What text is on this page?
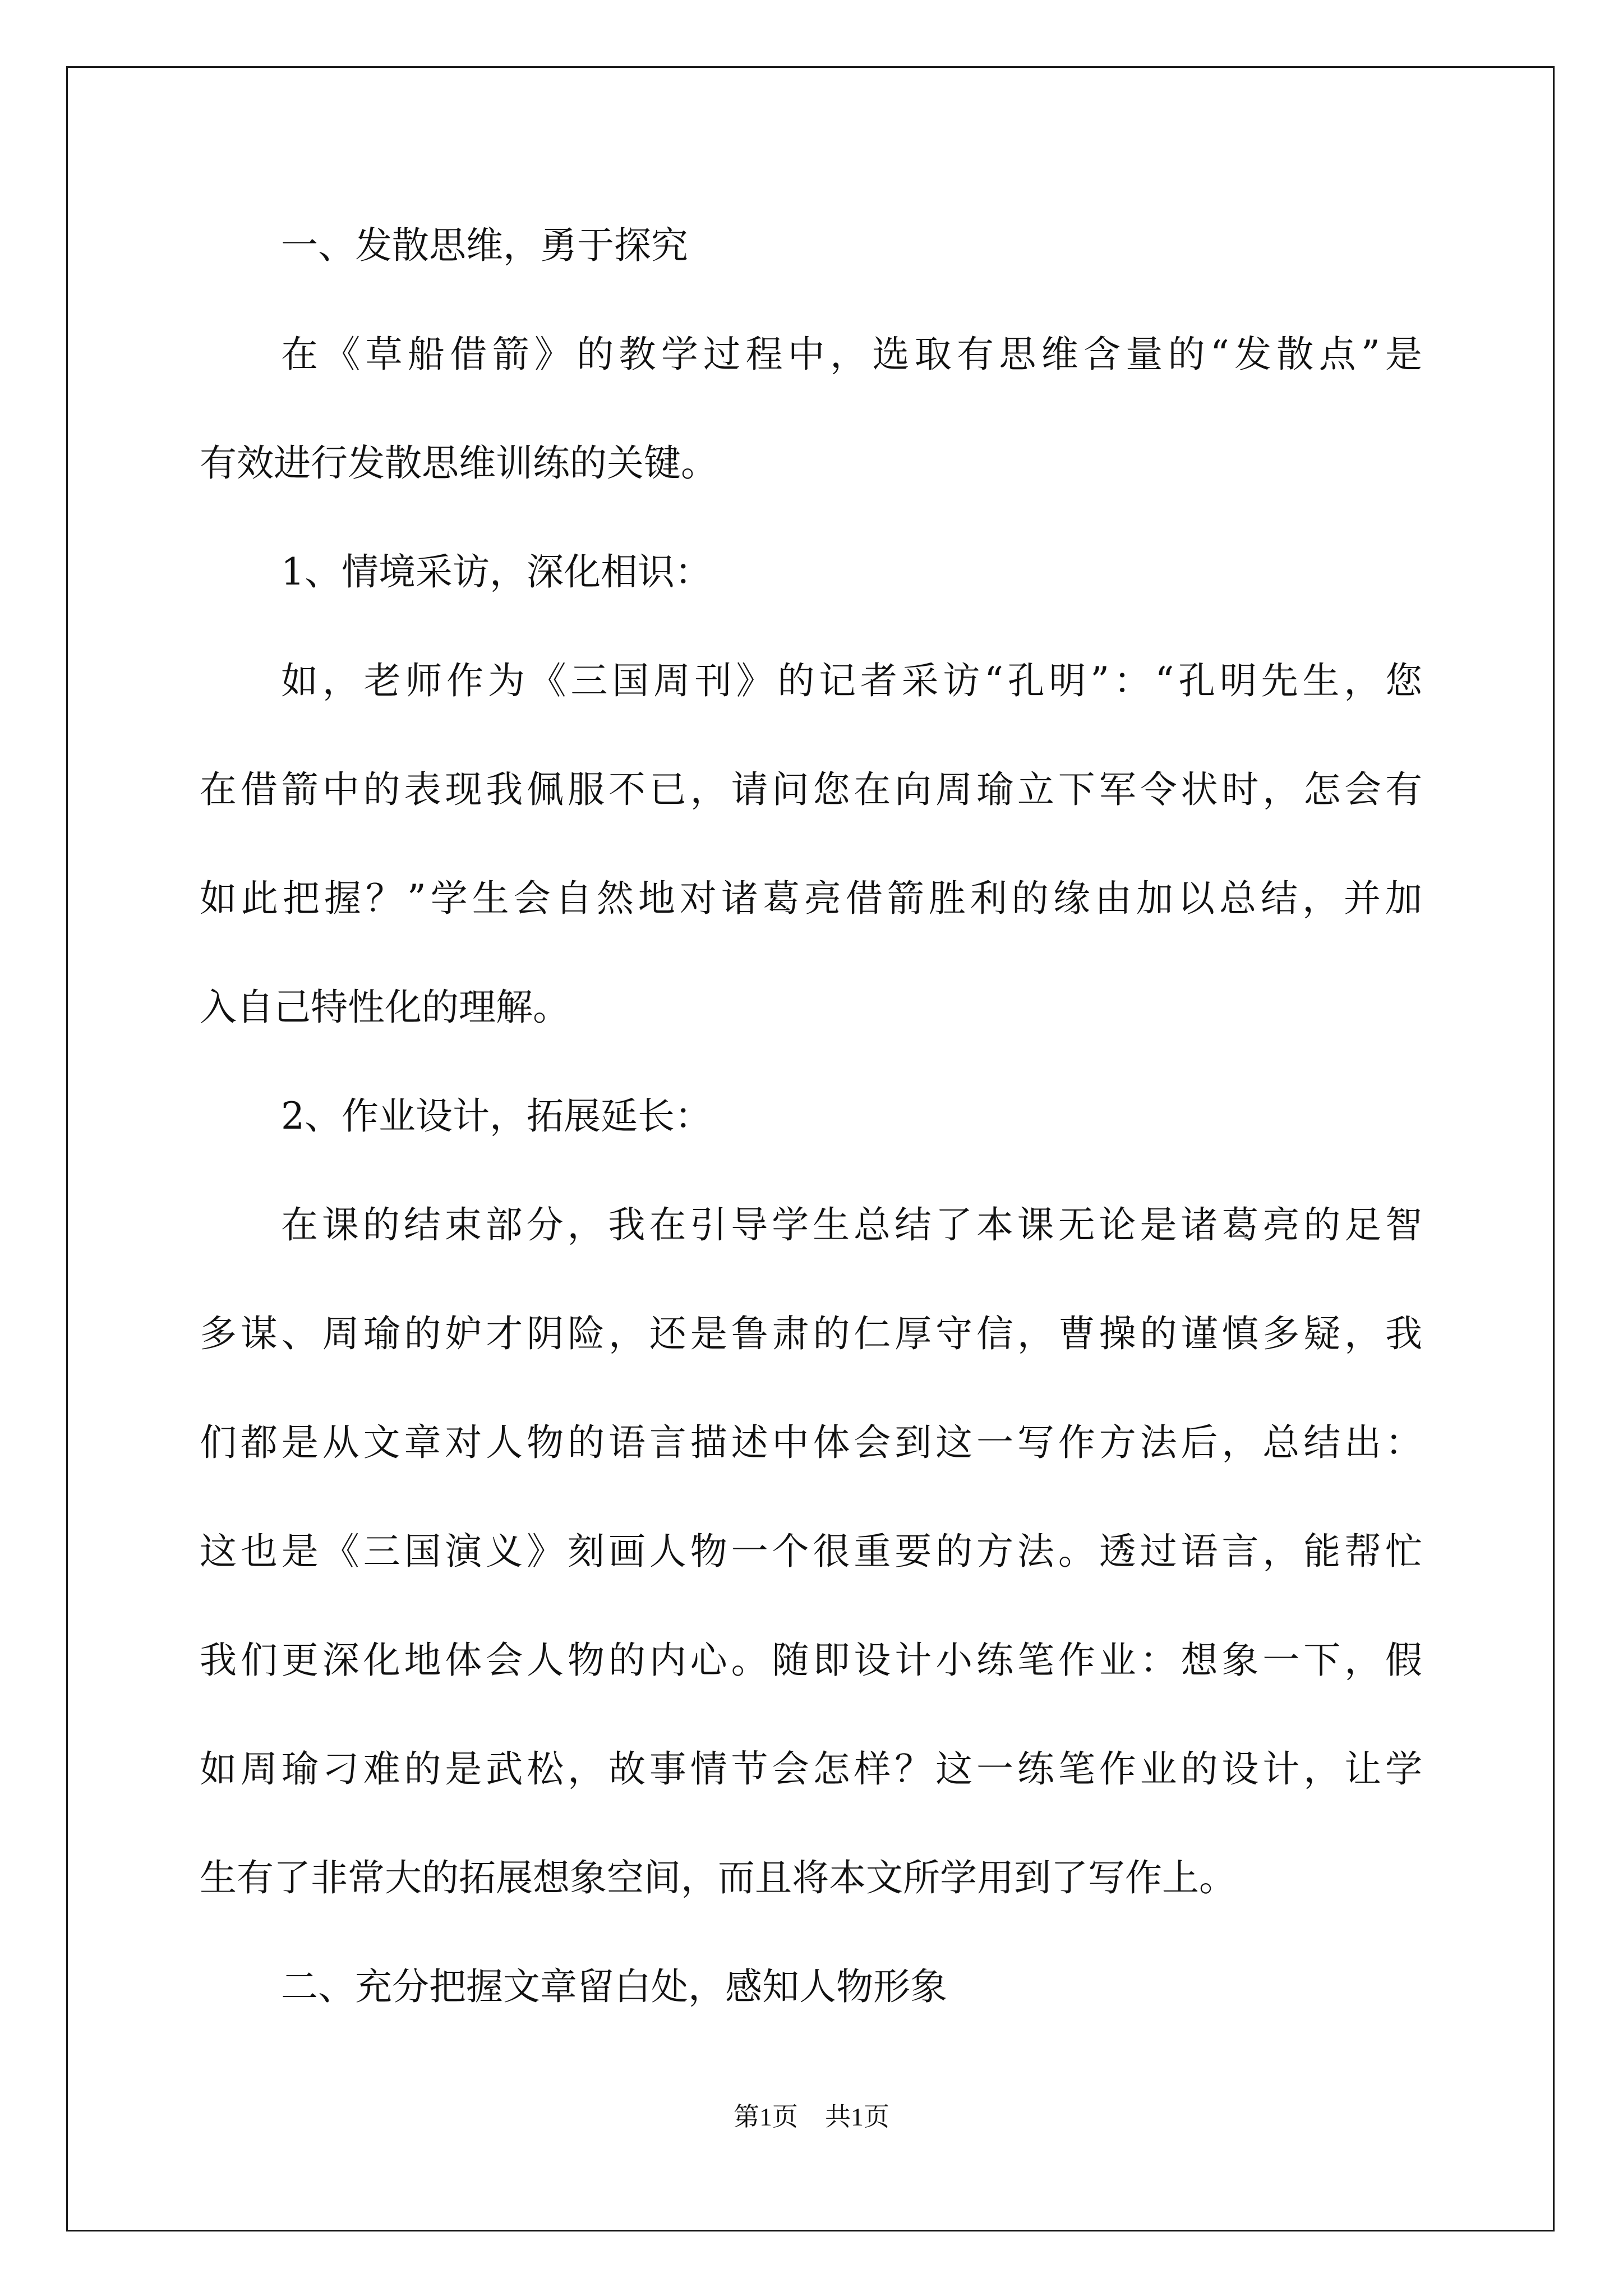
一、发散思维，勇于探究
在《草船借箭》的教学过程中，选取有思维含量的“发散点”是
有效进行发散思维训练的关键。
1、情境采访，深化相识：
如，老师作为《三国周刊》的记者采访“孔明”：“孔明先生，您
在借箭中的表现我佩服不已，请问您在向周瑜立下军令状时，怎会有
如此把握？”学生会自然地对诸葛亮借箭胜利的缘由加以总结，并加
入自己特性化的理解。
2、作业设计，拓展延长：
在课的结束部分，我在引导学生总结了本课无论是诸葛亮的足智
多谋、周瑜的妒才阴险，还是鲁肃的仁厚守信，曹操的谨慎多疑，我
们都是从文章对人物的语言描述中体会到这一写作方法后，总结出：
这也是《三国演义》刻画人物一个很重要的方法。透过语言，能帮忙
我们更深化地体会人物的内心。随即设计小练笔作业：想象一下，假
如周瑜刁难的是武松，故事情节会怎样？这一练笔作业的设计，让学
生有了非常大的拓展想象空间，而且将本文所学用到了写作上。
二、充分把握文章留白处，感知人物形象
第1页 共1页
